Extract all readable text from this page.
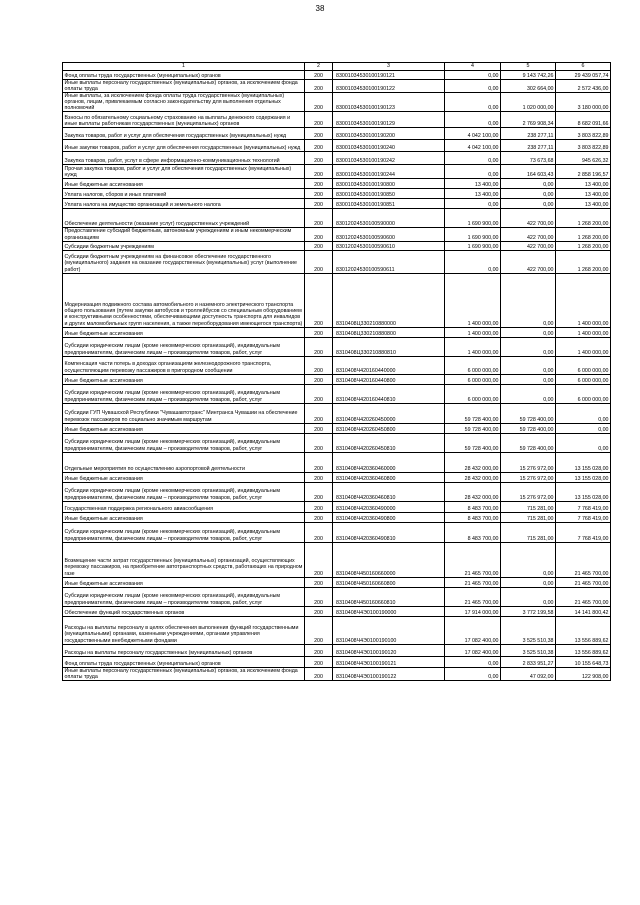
38
1	2	3	4	5	6
Фонд оплаты труда государственных (муниципальных) органов	200	83001034530100190121	0,00	9 143 742,26	29 439 057,74
Иные выплаты персоналу государственных (муниципальных) органов, за исключением фонда оплаты труда	200	83001034530100190122	0,00	302 664,00	2 572 436,00
Иные выплаты, за исключением фонда оплаты труда государственных (муниципальных) органов, лицам, привлекаемым согласно законодательству для выполнения отдельных полномочий	200	83001034530100190123	0,00	1 020 000,00	3 180 000,00
Взносы по обязательному социальному страхованию на выплаты денежного содержания и иные выплаты работникам государственных (муниципальных) органов	200	83001034530100190129	0,00	2 769 908,34	8 682 091,66
Закупка товаров, работ и услуг для обеспечения государственных (муниципальных) нужд	200	83001034530100190200	4 042 100,00	238 277,11	3 803 822,89
Иные закупки товаров, работ и услуг для обеспечения государственных (муниципальных) нужд	200	83001034530100190240	4 042 100,00	238 277,11	3 803 822,89
Закупка товаров, работ, услуг в сфере информационно-коммуникационных технологий	200	83001034530100190242	0,00	73 673,68	945 626,32
Прочая закупка товаров, работ и услуг для обеспечения государственных (муниципальных) нужд	200	83001034530100190244	0,00	164 603,43	2 858 196,57
Иные бюджетные ассигнования	200	83001034530100190800	13 400,00	0,00	13 400,00
Уплата налогов, сборов и иных платежей	200	83001034530100190850	13 400,00	0,00	13 400,00
Уплата налога на имущество организаций и земельного налога	200	83001034530100190851	0,00	0,00	13 400,00
Обеспечение деятельности (оказание услуг) государственных учреждений	200	83012024530100590000	1 690 900,00	422 700,00	1 268 200,00
Предоставление субсидий бюджетным, автономным учреждениям и иным некоммерческим организациям	200	83012024530100590600	1 690 900,00	422 700,00	1 268 200,00
Субсидии бюджетным учреждениям	200	83012024530100590610	1 690 900,00	422 700,00	1 268 200,00
Субсидии бюджетным учреждениям на финансовое обеспечение государственного (муниципального) задания на оказание государственных (муниципальных) услуг (выполнение работ)	200	83012024530100590611	0,00	422 700,00	1 268 200,00
Модернизация подвижного состава автомобильного и наземного электрического транспорта общего пользования (путем закупки автобусов и троллейбусов со специальным оборудованием и конструктивными особенностями, обеспечивающими доступность транспорта для инвалидов и других маломобильных групп населения, а также переоборудования имеющегося транспорта)	200	8310408Ц330210880000	1 400 000,00	0,00	1 400 000,00
Иные бюджетные ассигнования	200	8310408Ц330210880800	1 400 000,00	0,00	1 400 000,00
Субсидии юридическим лицам (кроме некоммерческих организаций), индивидуальным предпринимателям, физическим лицам – производителям товаров, работ, услуг	200	8310408Ц330210880810	1 400 000,00	0,00	1 400 000,00
Компенсация части потерь в доходах организациям железнодорожного транспорта, осуществляющим перевозку пассажиров в пригородном сообщении	200	8310408Ч420160440000	6 000 000,00	0,00	6 000 000,00
Иные бюджетные ассигнования	200	8310408Ч420160440800	6 000 000,00	0,00	6 000 000,00
Субсидии юридическим лицам (кроме некоммерческих организаций), индивидуальным предпринимателям, физическим лицам – производителям товаров, работ, услуг	200	8310408Ч420160440810	6 000 000,00	0,00	6 000 000,00
Субсидии ГУП Чувашской Республики "Чувашавтотранс" Минтранса Чувашии на обеспечение перевозок пассажиров по социально значимым маршрутам	200	8310408Ч420260450000	59 728 400,00	59 728 400,00	0,00
Иные бюджетные ассигнования	200	8310408Ч420260450800	59 728 400,00	59 728 400,00	0,00
Субсидии юридическим лицам (кроме некоммерческих организаций), индивидуальным предпринимателям, физическим лицам – производителям товаров, работ, услуг	200	8310408Ч420260450810	59 728 400,00	59 728 400,00	0,00
Отдельные мероприятия по осуществлению аэропортовой деятельности	200	8310408Ч420360460000	28 432 000,00	15 276 972,00	13 155 028,00
Иные бюджетные ассигнования	200	8310408Ч420360460800	28 432 000,00	15 276 972,00	13 155 028,00
Субсидии юридическим лицам (кроме некоммерческих организаций), индивидуальным предпринимателям, физическим лицам – производителям товаров, работ, услуг	200	8310408Ч420360460810	28 432 000,00	15 276 972,00	13 155 028,00
Государственная поддержка регионального авиасообщения	200	8310408Ч420360490000	8 483 700,00	715 281,00	7 768 419,00
Иные бюджетные ассигнования	200	8310408Ч420360490800	8 483 700,00	715 281,00	7 768 419,00
Субсидии юридическим лицам (кроме некоммерческих организаций), индивидуальным предпринимателям, физическим лицам – производителям товаров, работ, услуг	200	8310408Ч420360490810	8 483 700,00	715 281,00	7 768 419,00
Возмещение части затрат государственных (муниципальных) организаций, осуществляющих перевозку пассажиров, на приобретение автотранспортных средств, работающих на природном газе	200	8310408Ч450160660000	21 465 700,00	0,00	21 465 700,00
Иные бюджетные ассигнования	200	8310408Ч450160660800	21 465 700,00	0,00	21 465 700,00
Субсидии юридическим лицам (кроме некоммерческих организаций), индивидуальным предпринимателям, физическим лицам – производителям товаров, работ, услуг	200	8310408Ч450160660810	21 465 700,00	0,00	21 465 700,00
Обеспечение функций государственных органов	200	8310408Ч4Э0100190000	17 914 000,00	3 772 199,58	14 141 800,42
Расходы на выплаты персоналу в целях обеспечения выполнения функций государственными (муниципальными) органами, казенными учреждениями, органами управления государственными внебюджетными фондами	200	8310408Ч4Э0100190100	17 082 400,00	3 525 510,38	13 556 889,62
Расходы на выплаты персоналу государственных (муниципальных) органов	200	8310408Ч4Э0100190120	17 082 400,00	3 525 510,38	13 556 889,62
Фонд оплаты труда государственных (муниципальных) органов	200	8310408Ч4Э0100190121	0,00	2 833 951,27	10 155 648,73
Иные выплаты персоналу государственных (муниципальных) органов, за исключением фонда оплаты труда	200	8310408Ч4Э0100190122	0,00	47 092,00	122 908,00
